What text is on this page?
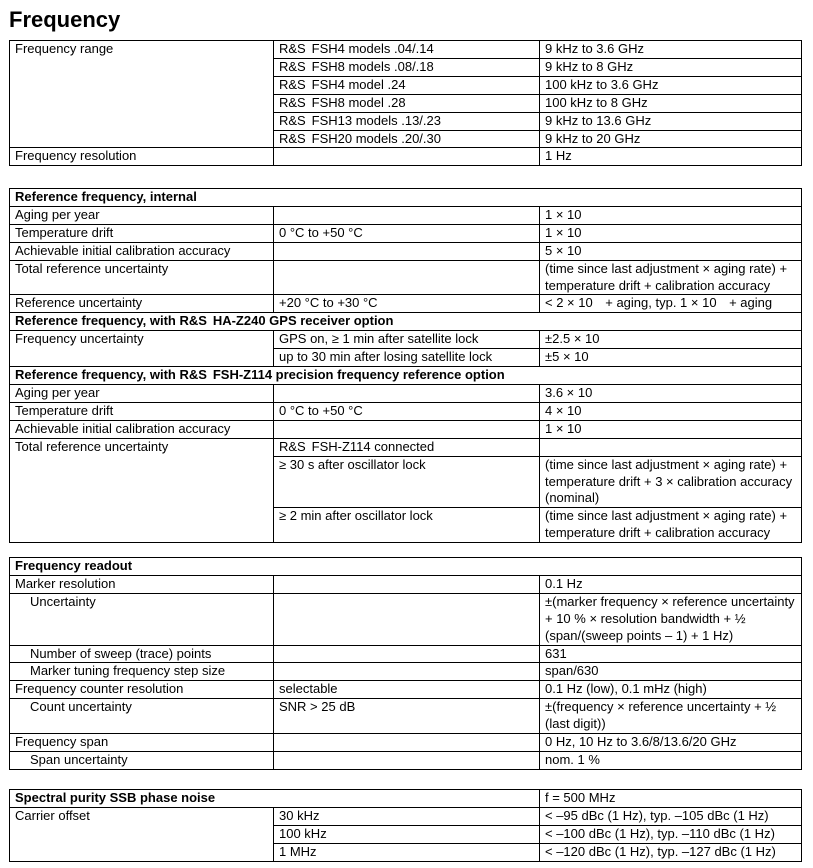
Frequency
Frequency range	R&S FSH4 models .04/.14	9 kHz to 3.6 GHz
	R&S FSH8 models .08/.18	9 kHz to 8 GHz
	R&S FSH4 model .24	100 kHz to 3.6 GHz
	R&S FSH8 model .28	100 kHz to 8 GHz
	R&S FSH13 models .13/.23	9 kHz to 13.6 GHz
	R&S FSH20 models .20/.30	9 kHz to 20 GHz
Frequency resolution		1 Hz
Reference frequency, internal		
Aging per year		1 × 10
Temperature drift	0 °C to +50 °C	1 × 10
Achievable initial calibration accuracy		5 × 10
Total reference uncertainty		(time since last adjustment × aging rate) + temperature drift + calibration accuracy
Reference uncertainty	+20 °C to +30 °C	< 2 × 10 + aging, typ. 1 × 10 + aging
Reference frequency, with R&S HA-Z240 GPS receiver option		
Frequency uncertainty	GPS on, ≥ 1 min after satellite lock	±2.5 × 10
	up to 30 min after losing satellite lock	±5 × 10
Reference frequency, with R&S FSH-Z114 precision frequency reference option		
Aging per year		3.6 × 10
Temperature drift	0 °C to +50 °C	4 × 10
Achievable initial calibration accuracy		1 × 10
Total reference uncertainty	R&S FSH-Z114 connected	
	≥ 30 s after oscillator lock	(time since last adjustment × aging rate) + temperature drift + 3 × calibration accuracy (nominal)
	≥ 2 min after oscillator lock	(time since last adjustment × aging rate) + temperature drift + calibration accuracy
Frequency readout		
Marker resolution		0.1 Hz
Uncertainty		±(marker frequency × reference uncertainty + 10 % × resolution bandwidth + ½ (span/(sweep points – 1) + 1 Hz)
Number of sweep (trace) points		631
Marker tuning frequency step size		span/630
Frequency counter resolution	selectable	0.1 Hz (low), 0.1 mHz (high)
Count uncertainty	SNR > 25 dB	±(frequency × reference uncertainty + ½ (last digit))
Frequency span		0 Hz, 10 Hz to 3.6/8/13.6/20 GHz
Span uncertainty		nom. 1 %
Spectral purity SSB phase noise		f = 500 MHz
Carrier offset	30 kHz	< –95 dBc (1 Hz), typ. –105 dBc (1 Hz)
	100 kHz	< –100 dBc (1 Hz), typ. –110 dBc (1 Hz)
	1 MHz	< –120 dBc (1 Hz), typ. –127 dBc (1 Hz)
